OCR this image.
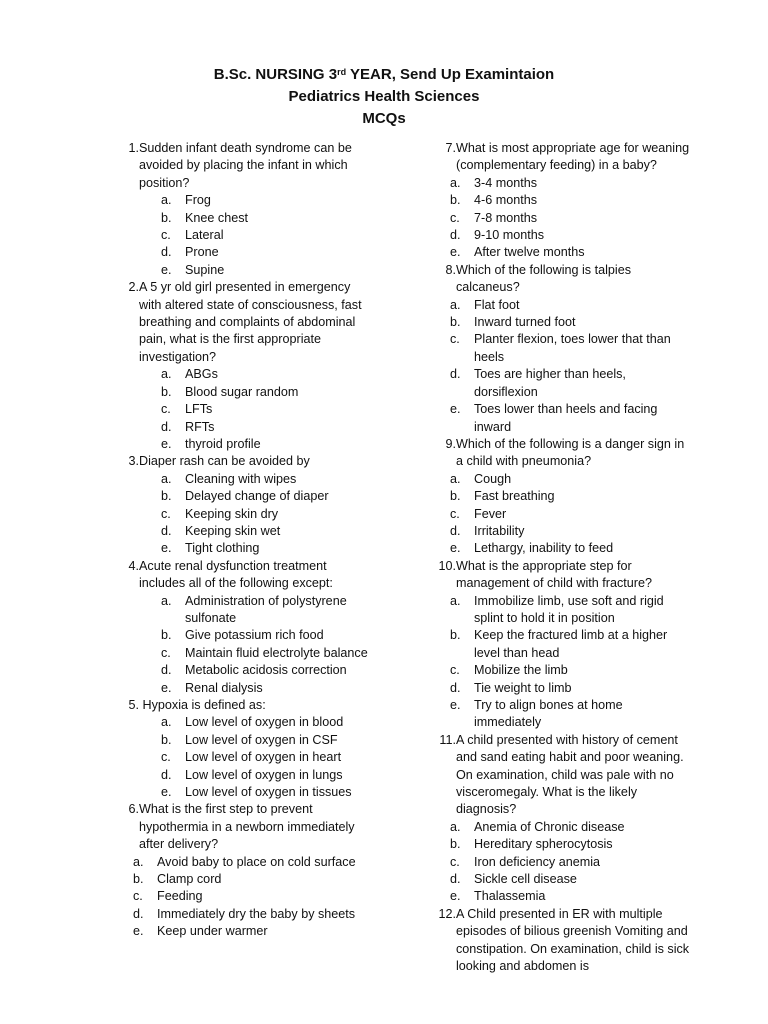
B.Sc. NURSING 3rd YEAR, Send Up Examintaion
Pediatrics Health Sciences
MCQs
1. Sudden infant death syndrome can be avoided by placing the infant in which position?
a.	Frog
b.	Knee chest
c.	Lateral
d.	Prone
e.	Supine
2. A 5 yr old girl presented in emergency with altered state of consciousness, fast breathing and complaints of abdominal pain, what is the first appropriate investigation?
a.	ABGs
b.	Blood sugar random
c.	LFTs
d.	RFTs
e.	thyroid profile
3. Diaper rash can be avoided by
a.	Cleaning with wipes
b.	Delayed change of diaper
c.	Keeping skin dry
d.	Keeping skin wet
e.	Tight clothing
4. Acute renal dysfunction treatment includes all of the following except:
a.	Administration of polystyrene sulfonate
b.	Give potassium rich food
c.	Maintain fluid electrolyte balance
d.	Metabolic acidosis correction
e.	Renal dialysis
5. Hypoxia is defined as:
a.	Low level of oxygen in blood
b.	Low level of oxygen in CSF
c.	Low level of oxygen in heart
d.	Low level of oxygen in lungs
e.	Low level of oxygen in tissues
6. What is the first step to prevent hypothermia in a newborn immediately after delivery?
a.	Avoid baby to place on cold surface
b.	Clamp cord
c.	Feeding
d.	Immediately dry the baby by sheets
e.	Keep under warmer
7. What is most appropriate age for weaning (complementary feeding) in a baby?
a.	3-4 months
b.	4-6 months
c.	7-8 months
d.	9-10 months
e.	After twelve months
8. Which of the following is talpies calcaneus?
a.	Flat foot
b.	Inward turned foot
c.	Planter flexion, toes lower that than heels
d.	Toes are higher than heels, dorsiflexion
e.	Toes lower than heels and facing inward
9. Which of the following is a danger sign in a child with pneumonia?
a.	Cough
b.	Fast breathing
c.	Fever
d.	Irritability
e.	Lethargy, inability to feed
10. What is the appropriate step for management of child with fracture?
a.	Immobilize limb, use soft and rigid splint to hold it in position
b.	Keep the fractured limb at a higher level than head
c.	Mobilize the limb
d.	Tie weight to limb
e.	Try to align bones at home immediately
11. A child presented with history of cement and sand eating habit and poor weaning. On examination, child was pale with no visceromegaly. What is the likely diagnosis?
a.	Anemia of Chronic disease
b.	Hereditary spherocytosis
c.	Iron deficiency anemia
d.	Sickle cell disease
e.	Thalassemia
12. A Child presented in ER with multiple episodes of bilious greenish Vomiting and constipation. On examination, child is sick looking and abdomen is
